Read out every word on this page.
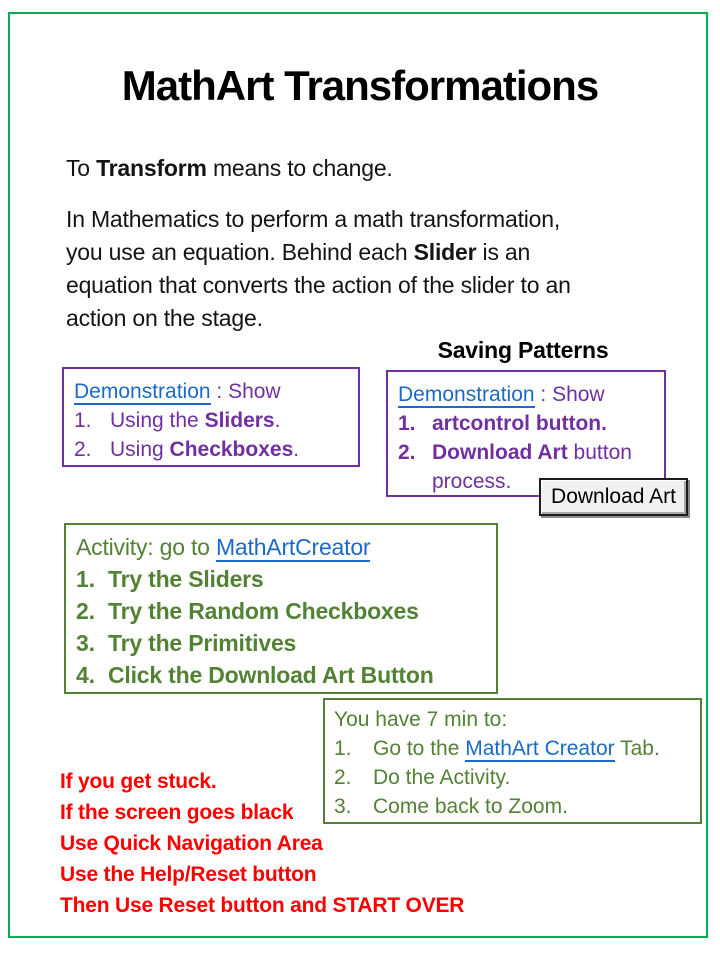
MathArt Transformations
To Transform means to change.
In Mathematics to perform a math transformation,
you use an equation. Behind each Slider is an
equation that converts the action of the slider to an
action on the stage.
Saving Patterns
Demonstration : Show
1. Using the Sliders.
2. Using Checkboxes.
Demonstration : Show
1. artcontrol button.
2. Download Art button
process.
Download Art
Activity: go to MathArtCreator
1. Try the Sliders
2. Try the Random Checkboxes
3. Try the Primitives
4. Click the Download Art Button
You have 7 min to:
1. Go to the MathArt Creator Tab.
2. Do the Activity.
3. Come back to Zoom.
If you get stuck.
If the screen goes black
Use Quick Navigation Area
Use the Help/Reset button
Then Use Reset button and START OVER
